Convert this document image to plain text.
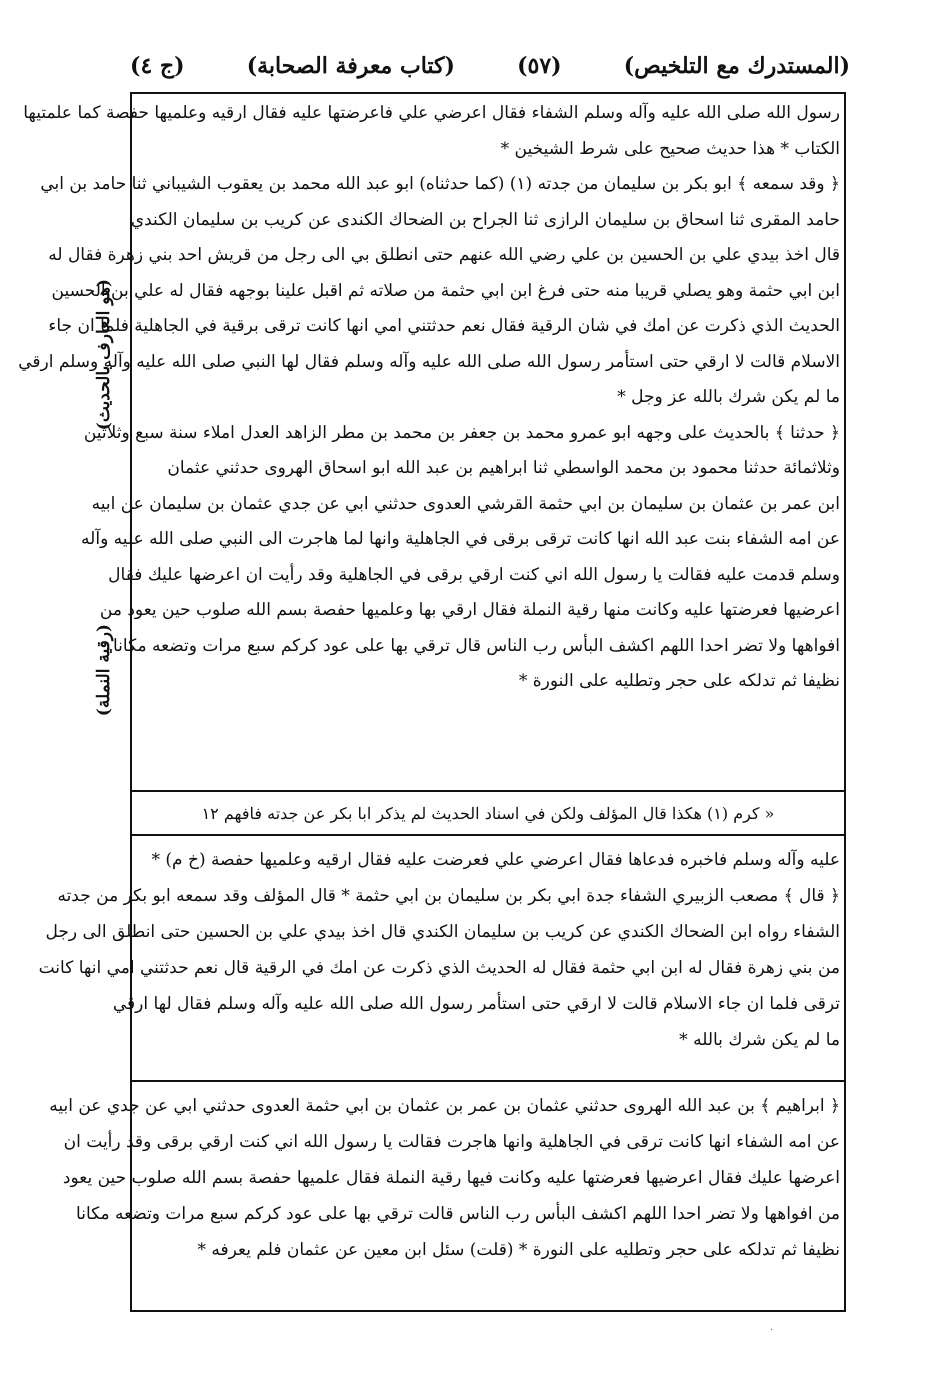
(المستدرك مع التلخيص)
(٥٧)
(كتاب معرفة الصحابة)
(ج ٤)
(هو العارف بالحديث)
(رقية النملة)
رسول الله صلى الله عليه وآله وسلم الشفاء فقال اعرضي علي فاعرضتها عليه فقال ارقيه وعلميها حفصة كما علمتيها
الكتاب * هذا حديث صحيح على شرط الشيخين *
﴿ وقد سمعه ﴾ ابو بكر بن سليمان من جدته (١) (كما حدثناه) ابو عبد الله محمد بن يعقوب الشيباني ثنا حامد بن ابي
حامد المقرى ثنا اسحاق بن سليمان الرازى ثنا الجراح بن الضحاك الكندى عن كريب بن سليمان الكندي
قال اخذ بيدي علي بن الحسين بن علي رضي الله عنهم حتى انطلق بي الى رجل من قريش احد بني زهرة فقال له
ابن ابي حثمة وهو يصلي قريبا منه حتى فرغ ابن ابي حثمة من صلاته ثم اقبل علينا بوجهه فقال له علي بن الحسين
الحديث الذي ذكرت عن امك في شان الرقية فقال نعم حدثتني امي انها كانت ترقى برقية في الجاهلية فلما ان جاء
الاسلام قالت لا ارقي حتى استأمر رسول الله صلى الله عليه وآله وسلم فقال لها النبي صلى الله عليه وآله وسلم ارقي
ما لم يكن شرك بالله عز وجل *
﴿ حدثنا ﴾ بالحديث على وجهه ابو عمرو محمد بن جعفر بن محمد بن مطر الزاهد العدل املاء سنة سبع وثلاثين
وثلاثمائة حدثنا محمود بن محمد الواسطي ثنا ابراهيم بن عبد الله ابو اسحاق الهروى حدثني عثمان
ابن عمر بن عثمان بن سليمان بن ابي حثمة القرشي العدوى حدثني ابي عن جدي عثمان بن سليمان عن ابيه
عن امه الشفاء بنت عبد الله انها كانت ترقى برقى في الجاهلية وانها لما هاجرت الى النبي صلى الله عليه وآله
وسلم قدمت عليه فقالت يا رسول الله اني كنت ارقي برقى في الجاهلية وقد رأيت ان اعرضها عليك فقال
اعرضيها فعرضتها عليه وكانت منها رقية النملة فقال ارقي بها وعلميها حفصة بسم الله صلوب حين يعود من
افواهها ولا تضر احدا اللهم اكشف البأس رب الناس قال ترقي بها على عود كركم سبع مرات وتضعه مكانا
نظيفا ثم تدلكه على حجر وتطليه على النورة *
« كرم (١) هكذا قال المؤلف ولكن في اسناد الحديث لم يذكر ابا بكر عن جدته فافهم ١٢
عليه وآله وسلم فاخبره فدعاها فقال اعرضي علي فعرضت عليه فقال ارقيه وعلميها حفصة (خ م) *
﴿ قال ﴾ مصعب الزبيري الشفاء جدة ابي بكر بن سليمان بن ابي حثمة * قال المؤلف وقد سمعه ابو بكر من جدته
الشفاء رواه ابن الضحاك الكندي عن كريب بن سليمان الكندي قال اخذ بيدي علي بن الحسين حتى انطلق الى رجل
من بني زهرة فقال له ابن ابي حثمة فقال له الحديث الذي ذكرت عن امك في الرقية قال نعم حدثتني امي انها كانت
ترقى فلما ان جاء الاسلام قالت لا ارقي حتى استأمر رسول الله صلى الله عليه وآله وسلم فقال لها ارقي
ما لم يكن شرك بالله *
﴿ ابراهيم ﴾ بن عبد الله الهروى حدثني عثمان بن عمر بن عثمان بن ابي حثمة العدوى حدثني ابي عن جدي عن ابيه
عن امه الشفاء انها كانت ترقى في الجاهلية وانها هاجرت فقالت يا رسول الله اني كنت ارقي برقى وقد رأيت ان
اعرضها عليك فقال اعرضيها فعرضتها عليه وكانت فيها رقية النملة فقال علميها حفصة بسم الله صلوب حين يعود
من افواهها ولا تضر احدا اللهم اكشف البأس رب الناس قالت ترقي بها على عود كركم سبع مرات وتضعه مكانا
نظيفا ثم تدلكه على حجر وتطليه على النورة * (قلت) سئل ابن معين عن عثمان فلم يعرفه *
·
